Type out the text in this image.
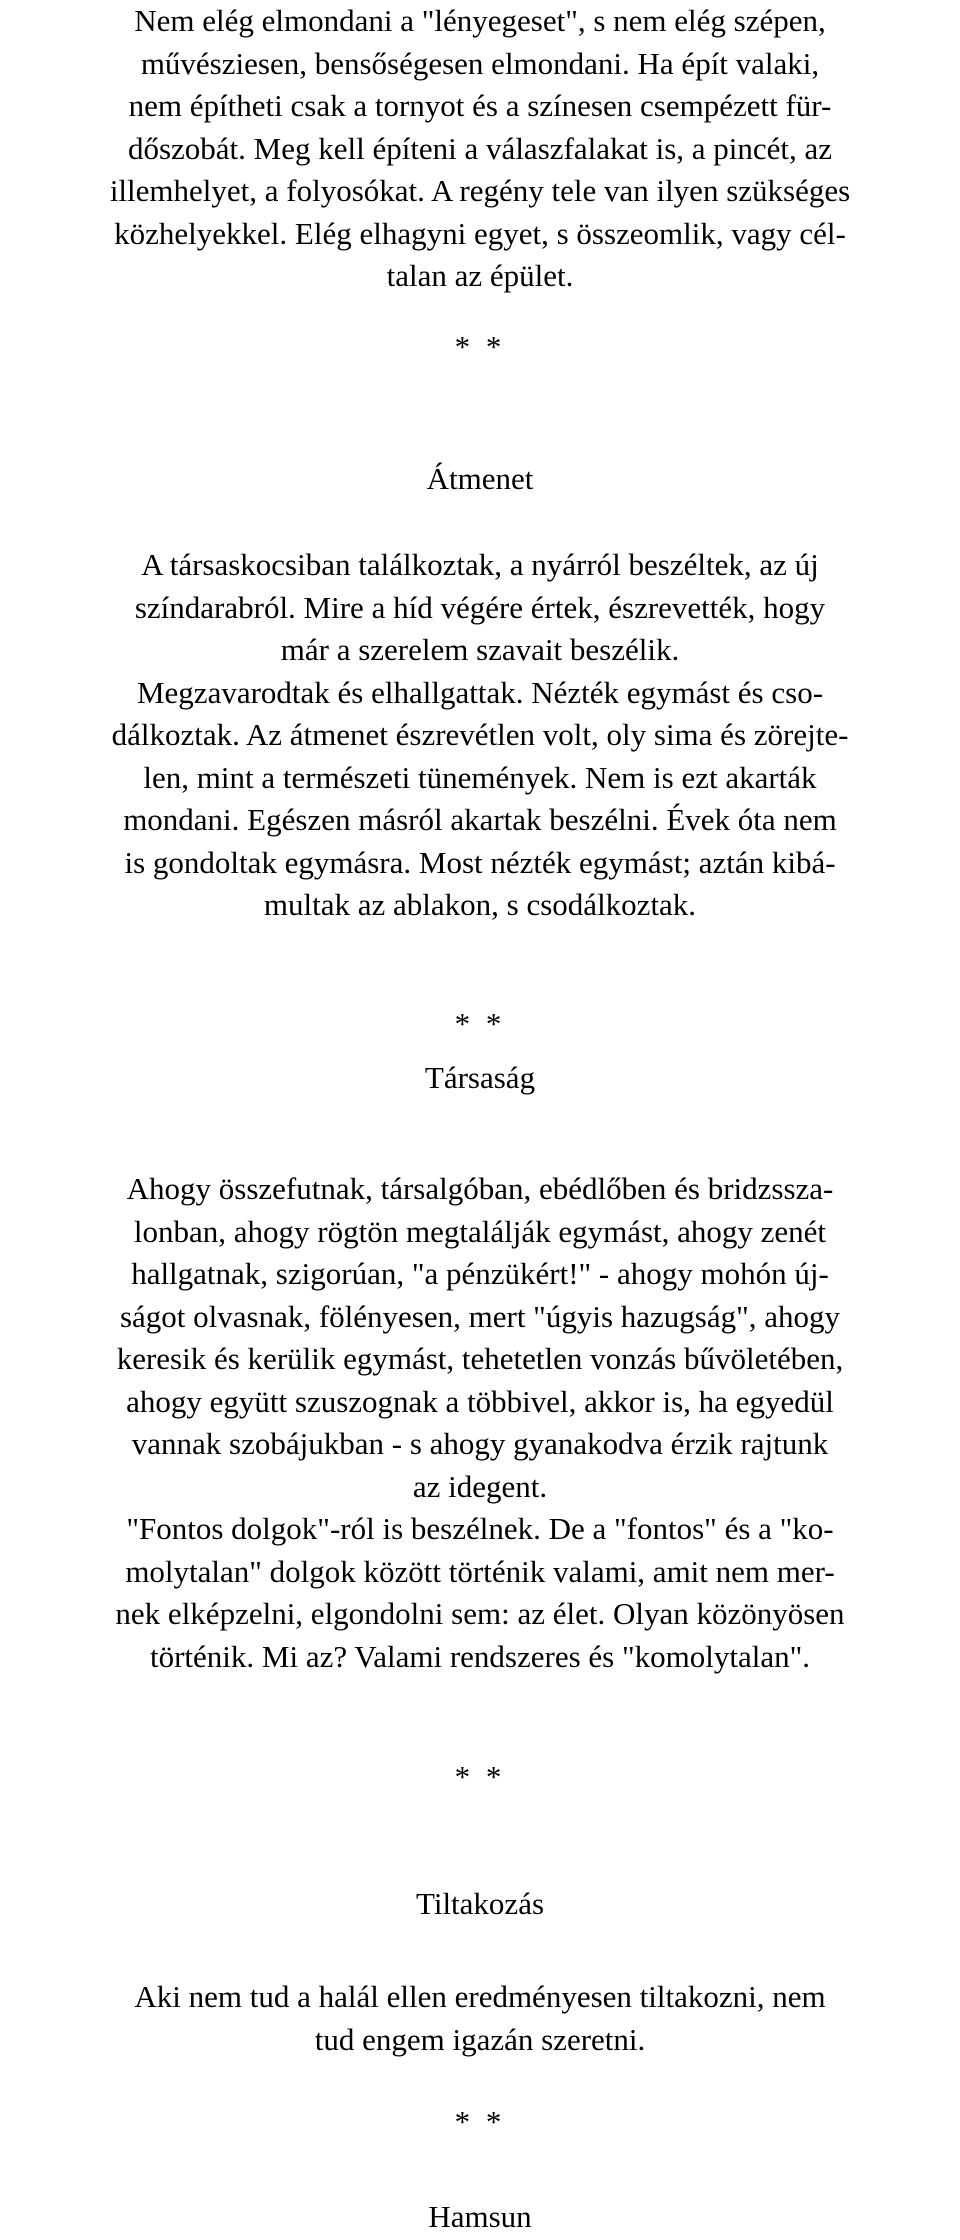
Nem elég elmondani a "lényegeset", s nem elég szépen,
művésziesen, bensőségesen elmondani. Ha épít valaki,
nem építheti csak a tornyot és a színesen csempézett für-
dőszobát. Meg kell építeni a válaszfalakat is, a pincét, az
illemhelyet, a folyosókat. A regény tele van ilyen szükséges
közhelyekkel. Elég elhagyni egyet, s összeomlik, vagy cél-
talan az épület.
* *
Átmenet
A társaskocsiban találkoztak, a nyárról beszéltek, az új
színdarabról. Mire a híd végére értek, észrevették, hogy
már a szerelem szavait beszélik.
Megzavarodtak és elhallgattak. Nézték egymást és cso-
dálkoztak. Az átmenet észrevétlen volt, oly sima és zörejte-
len, mint a természeti tünemények. Nem is ezt akarták
mondani. Egészen másról akartak beszélni. Évek óta nem
is gondoltak egymásra. Most nézték egymást; aztán kibá-
multak az ablakon, s csodálkoztak.
* *
Társaság
Ahogy összefutnak, társalgóban, ebédlőben és bridzssza-
lonban, ahogy rögtön megtalálják egymást, ahogy zenét
hallgatnak, szigorúan, "a pénzükért!" - ahogy mohón új-
ságot olvasnak, fölényesen, mert "úgyis hazugság", ahogy
keresik és kerülik egymást, tehetetlen vonzás bűvöletében,
ahogy együtt szuszognak a többivel, akkor is, ha egyedül
vannak szobájukban - s ahogy gyanakodva érzik rajtunk
az idegent.
"Fontos dolgok"-ról is beszélnek. De a "fontos" és a "ko-
molytalan" dolgok között történik valami, amit nem mer-
nek elképzelni, elgondolni sem: az élet. Olyan közönyösen
történik. Mi az? Valami rendszeres és "komolytalan".
* *
Tiltakozás
Aki nem tud a halál ellen eredményesen tiltakozni, nem
tud engem igazán szeretni.
* *
Hamsun
